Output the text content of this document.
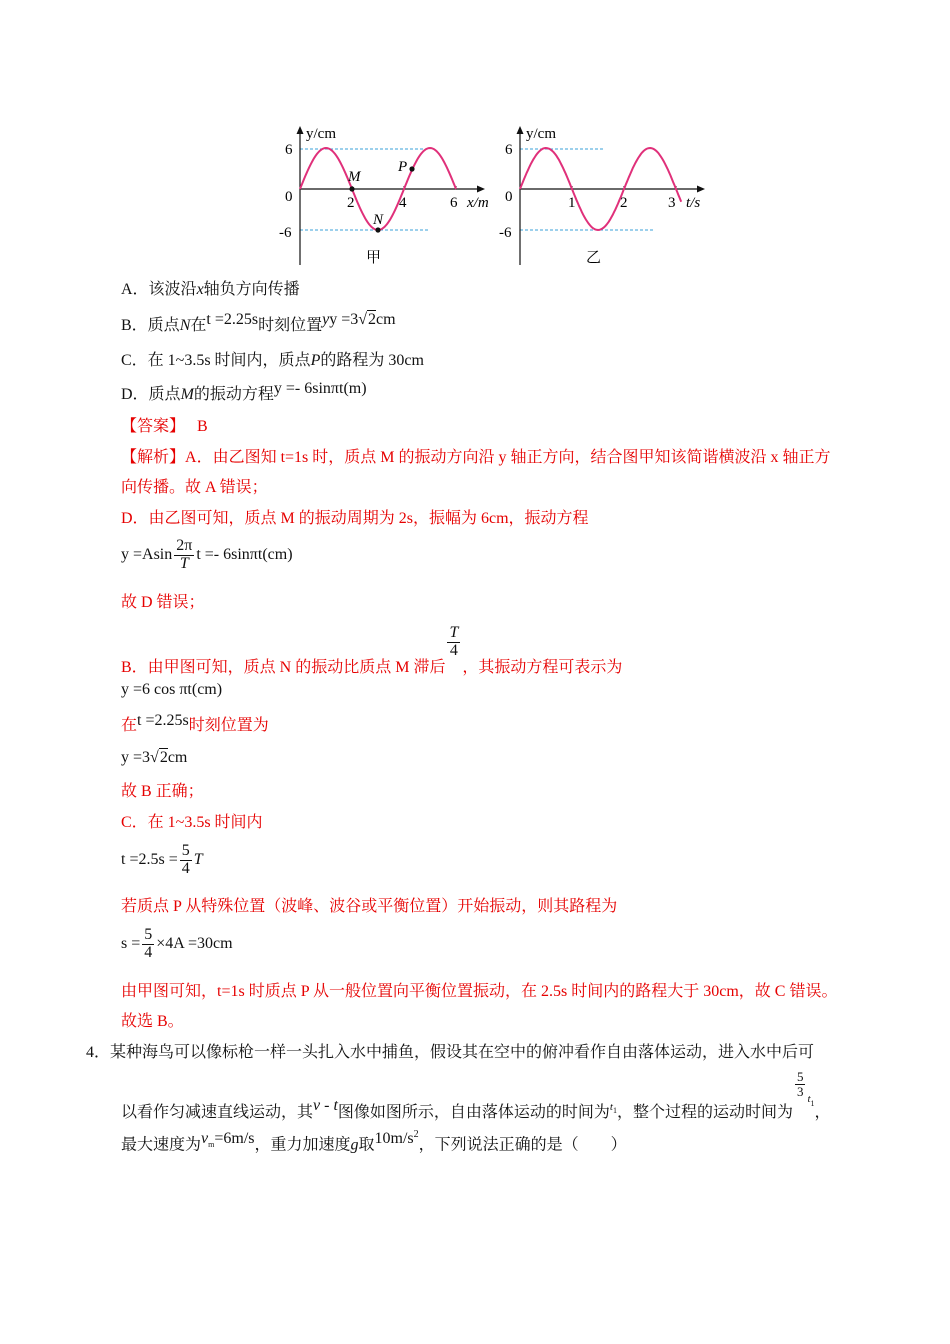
y/cm
6
0
-6
2	4	6 x/m
M
P
N
甲
y/cm
6
0
-6
1	2	3 t/s
乙
A．该波沿x轴负方向传播
B．质点N在t =2.25s时刻位置yy =3√2cm
C．在 1~3.5s 时间内，质点P的路程为 30cm
D．质点M的振动方程y =- 6sinπt(m)
【答案】 B
【解析】A．由乙图知 t=1s 时，质点 M 的振动方向沿 y 轴正方向，结合图甲知该简谐横波沿 x 轴正方
向传播。故 A 错误；
D．由乙图可知，质点 M 的振动周期为 2s，振幅为 6cm，振动方程
$y =Asin \frac{2\pi}{T}$ t =- 6sinπt(cm)
故 D 错误；
B．由甲图可知，质点 N 的振动比质点 M 滞后
$\frac{T}{4}$
，其振动方程可表示为
y =6 cos πt(cm)
在t =2.25s时刻位置为
y =3√2cm
故 B 正确；
C．在 1~3.5s 时间内
$t =2.5s = \frac{5}{4}$ T
若质点 P 从特殊位置（波峰、波谷或平衡位置）开始振动，则其路程为
$s = \frac{5}{4} \times 4A =30cm$
由甲图可知，t=1s 时质点 P 从一般位置向平衡位置振动，在 2.5s 时间内的路程大于 30cm，故 C 错误。
故选 B。
4．某种海鸟可以像标枪一样一头扎入水中捕鱼，假设其在空中的俯冲看作自由落体运动，进入水中后可
以看作匀减速直线运动，其v - t图像如图所示，自由落体运动的时间为$_{t1}$，整个过程的运动时间为
$\frac{5}{3}$
$_{t1}$，
最大速度为vm=6m/s，重力加速度g取$10m/s^2$，下列说法正确的是（　　）
